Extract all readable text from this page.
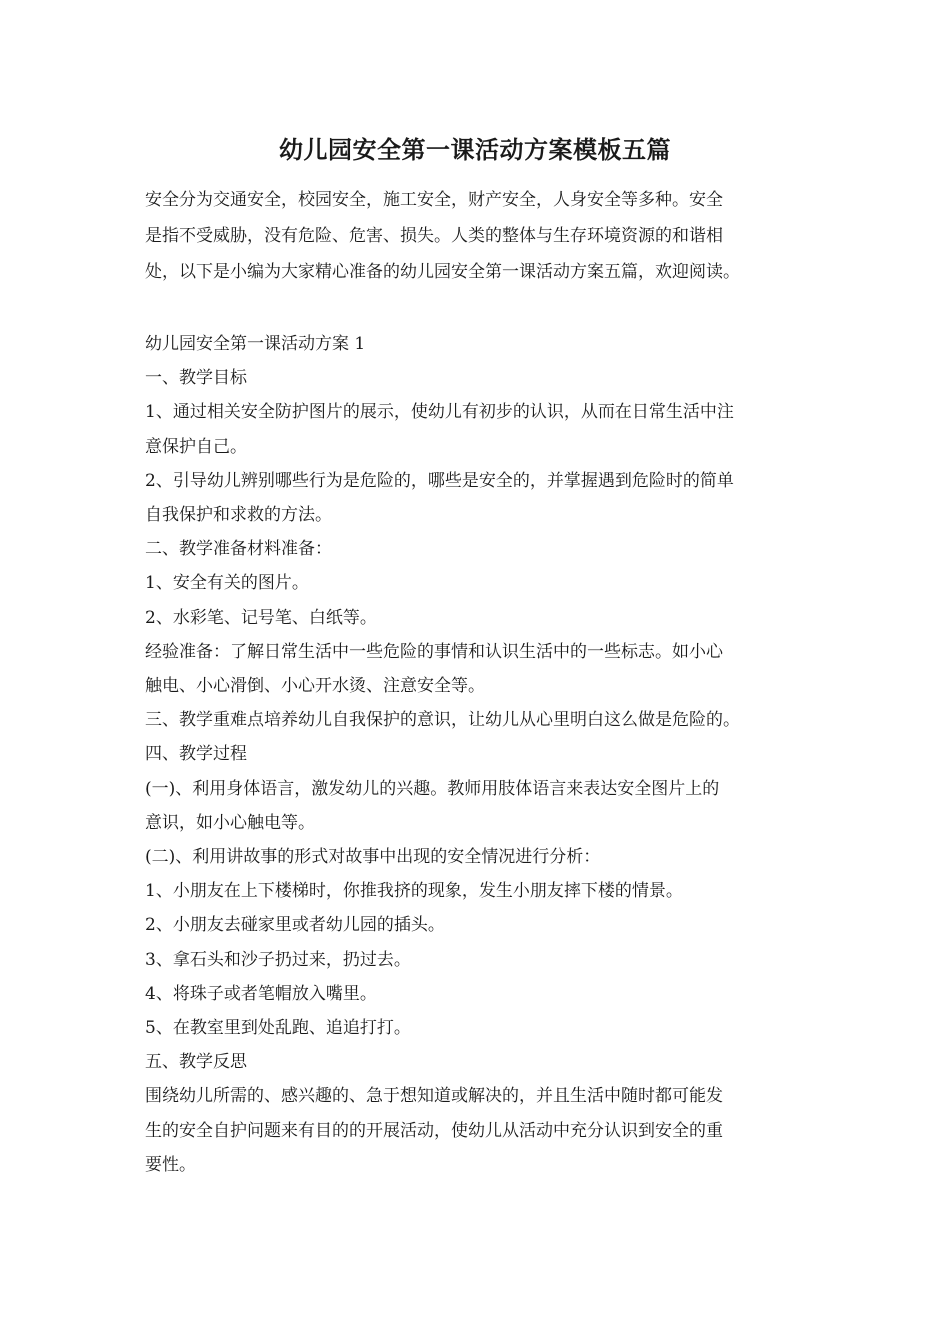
幼儿园安全第一课活动方案模板五篇
安全分为交通安全，校园安全，施工安全，财产安全，人身安全等多种。安全
是指不受威胁，没有危险、危害、损失。人类的整体与生存环境资源的和谐相
处，以下是小编为大家精心准备的幼儿园安全第一课活动方案五篇，欢迎阅读。
幼儿园安全第一课活动方案 1
一、教学目标
1、通过相关安全防护图片的展示，使幼儿有初步的认识，从而在日常生活中注
意保护自己。
2、引导幼儿辨别哪些行为是危险的，哪些是安全的，并掌握遇到危险时的简单
自我保护和求救的方法。
二、教学准备材料准备：
1、安全有关的图片。
2、水彩笔、记号笔、白纸等。
经验准备：了解日常生活中一些危险的事情和认识生活中的一些标志。如小心
触电、小心滑倒、小心开水烫、注意安全等。
三、教学重难点培养幼儿自我保护的意识，让幼儿从心里明白这么做是危险的。
四、教学过程
(一)、利用身体语言，激发幼儿的兴趣。教师用肢体语言来表达安全图片上的
意识，如小心触电等。
(二)、利用讲故事的形式对故事中出现的安全情况进行分析：
1、小朋友在上下楼梯时，你推我挤的现象，发生小朋友摔下楼的情景。
2、小朋友去碰家里或者幼儿园的插头。
3、拿石头和沙子扔过来，扔过去。
4、将珠子或者笔帽放入嘴里。
5、在教室里到处乱跑、追追打打。
五、教学反思
围绕幼儿所需的、感兴趣的、急于想知道或解决的，并且生活中随时都可能发
生的安全自护问题来有目的的开展活动，使幼儿从活动中充分认识到安全的重
要性。
